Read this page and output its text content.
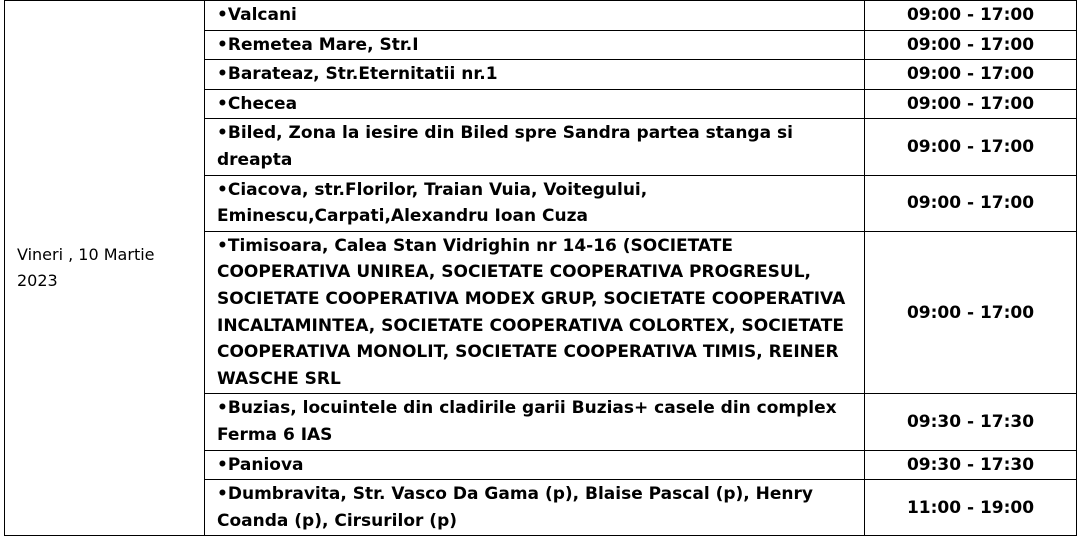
Vineri , 10 Martie 2023	•Valcani	09:00 - 17:00
	•Remetea Mare, Str.I	09:00 - 17:00
	•Barateaz, Str.Eternitatii nr.1	09:00 - 17:00
	•Checea	09:00 - 17:00
	•Biled, Zona la iesire din Biled spre Sandra partea stanga si dreapta	09:00 - 17:00
	•Ciacova, str.Florilor, Traian Vuia, Voitegului, Eminescu,Carpati,Alexandru Ioan Cuza	09:00 - 17:00
	•Timisoara, Calea Stan Vidrighin nr 14-16 (SOCIETATE COOPERATIVA UNIREA, SOCIETATE COOPERATIVA PROGRESUL, SOCIETATE COOPERATIVA MODEX GRUP, SOCIETATE COOPERATIVA INCALTAMINTEA, SOCIETATE COOPERATIVA COLORTEX, SOCIETATE COOPERATIVA MONOLIT, SOCIETATE COOPERATIVA TIMIS, REINER WASCHE SRL	09:00 - 17:00
	•Buzias, locuintele din cladirile garii Buzias+ casele din complex Ferma 6 IAS	09:30 - 17:30
	•Paniova	09:30 - 17:30
	•Dumbravita, Str. Vasco Da Gama (p), Blaise Pascal (p), Henry Coanda (p), Cirsurilor (p)	11:00 - 19:00
